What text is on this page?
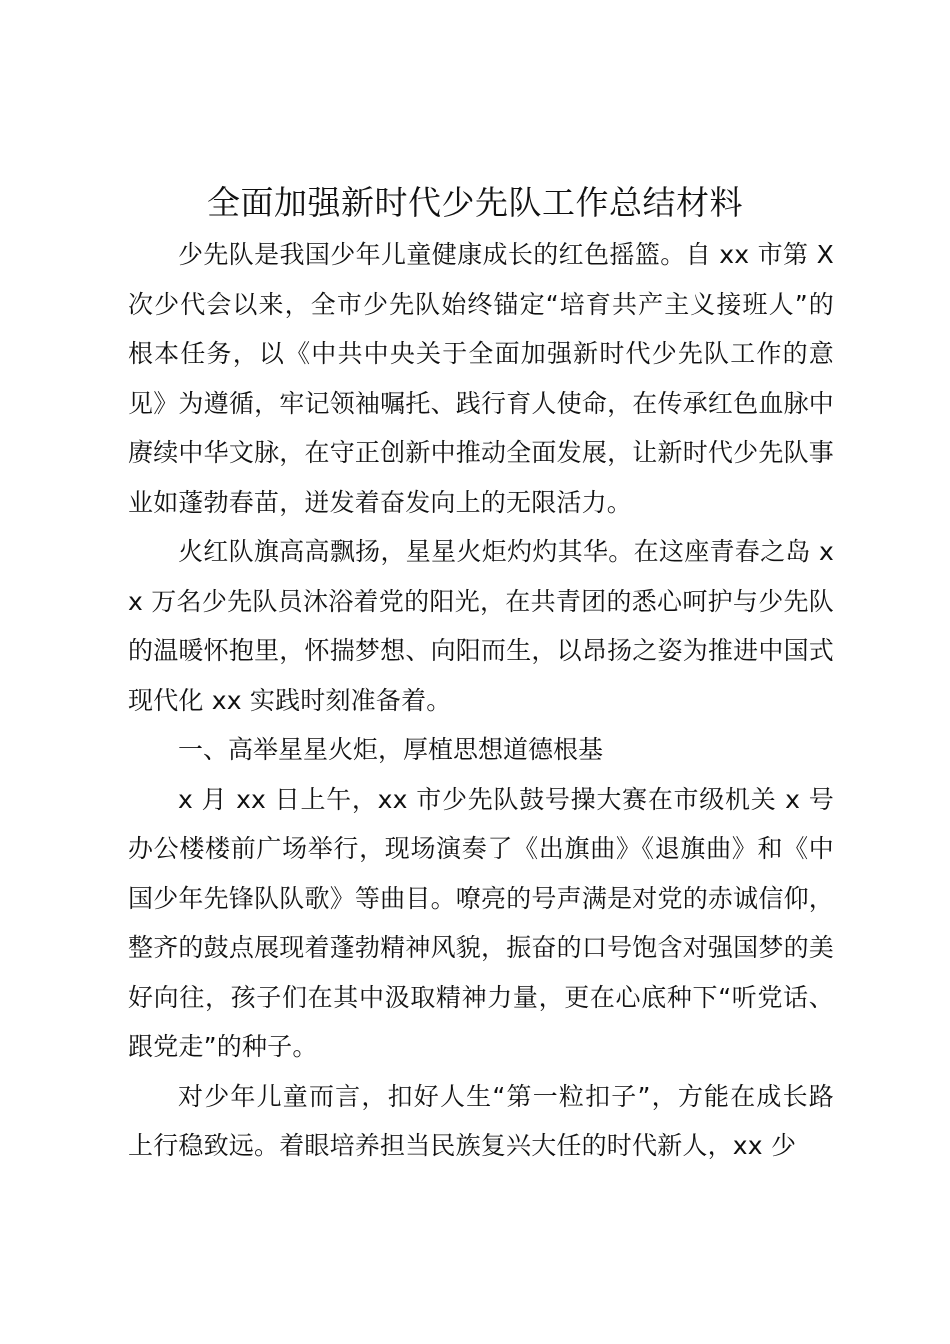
全面加强新时代少先队工作总结材料

少先队是我国少年儿童健康成长的红色摇篮。自 xx 市第 X 次少代会以来，全市少先队始终锚定“培育共产主义接班人”的根本任务，以《中共中央关于全面加强新时代少先队工作的意见》为遵循，牢记领袖嘱托、践行育人使命，在传承红色血脉中赓续中华文脉，在守正创新中推动全面发展，让新时代少先队事业如蓬勃春苗，迸发着奋发向上的无限活力。

火红队旗高高飘扬，星星火炬灼灼其华。在这座青春之岛 xx 万名少先队员沐浴着党的阳光，在共青团的悉心呵护与少先队的温暖怀抱里，怀揣梦想、向阳而生，以昂扬之姿为推进中国式现代化 xx 实践时刻准备着。

一、高举星星火炬，厚植思想道德根基

x 月 xx 日上午，xx 市少先队鼓号操大赛在市级机关 x 号办公楼楼前广场举行，现场演奏了《出旗曲》《退旗曲》和《中国少年先锋队队歌》等曲目。嘹亮的号声满是对党的赤诚信仰，整齐的鼓点展现着蓬勃精神风貌，振奋的口号饱含对强国梦的美好向往，孩子们在其中汲取精神力量，更在心底种下“听党话、跟党走”的种子。

对少年儿童而言，扣好人生“第一粒扣子”，方能在成长路上行稳致远。着眼培养担当民族复兴大任的时代新人，xx 少
